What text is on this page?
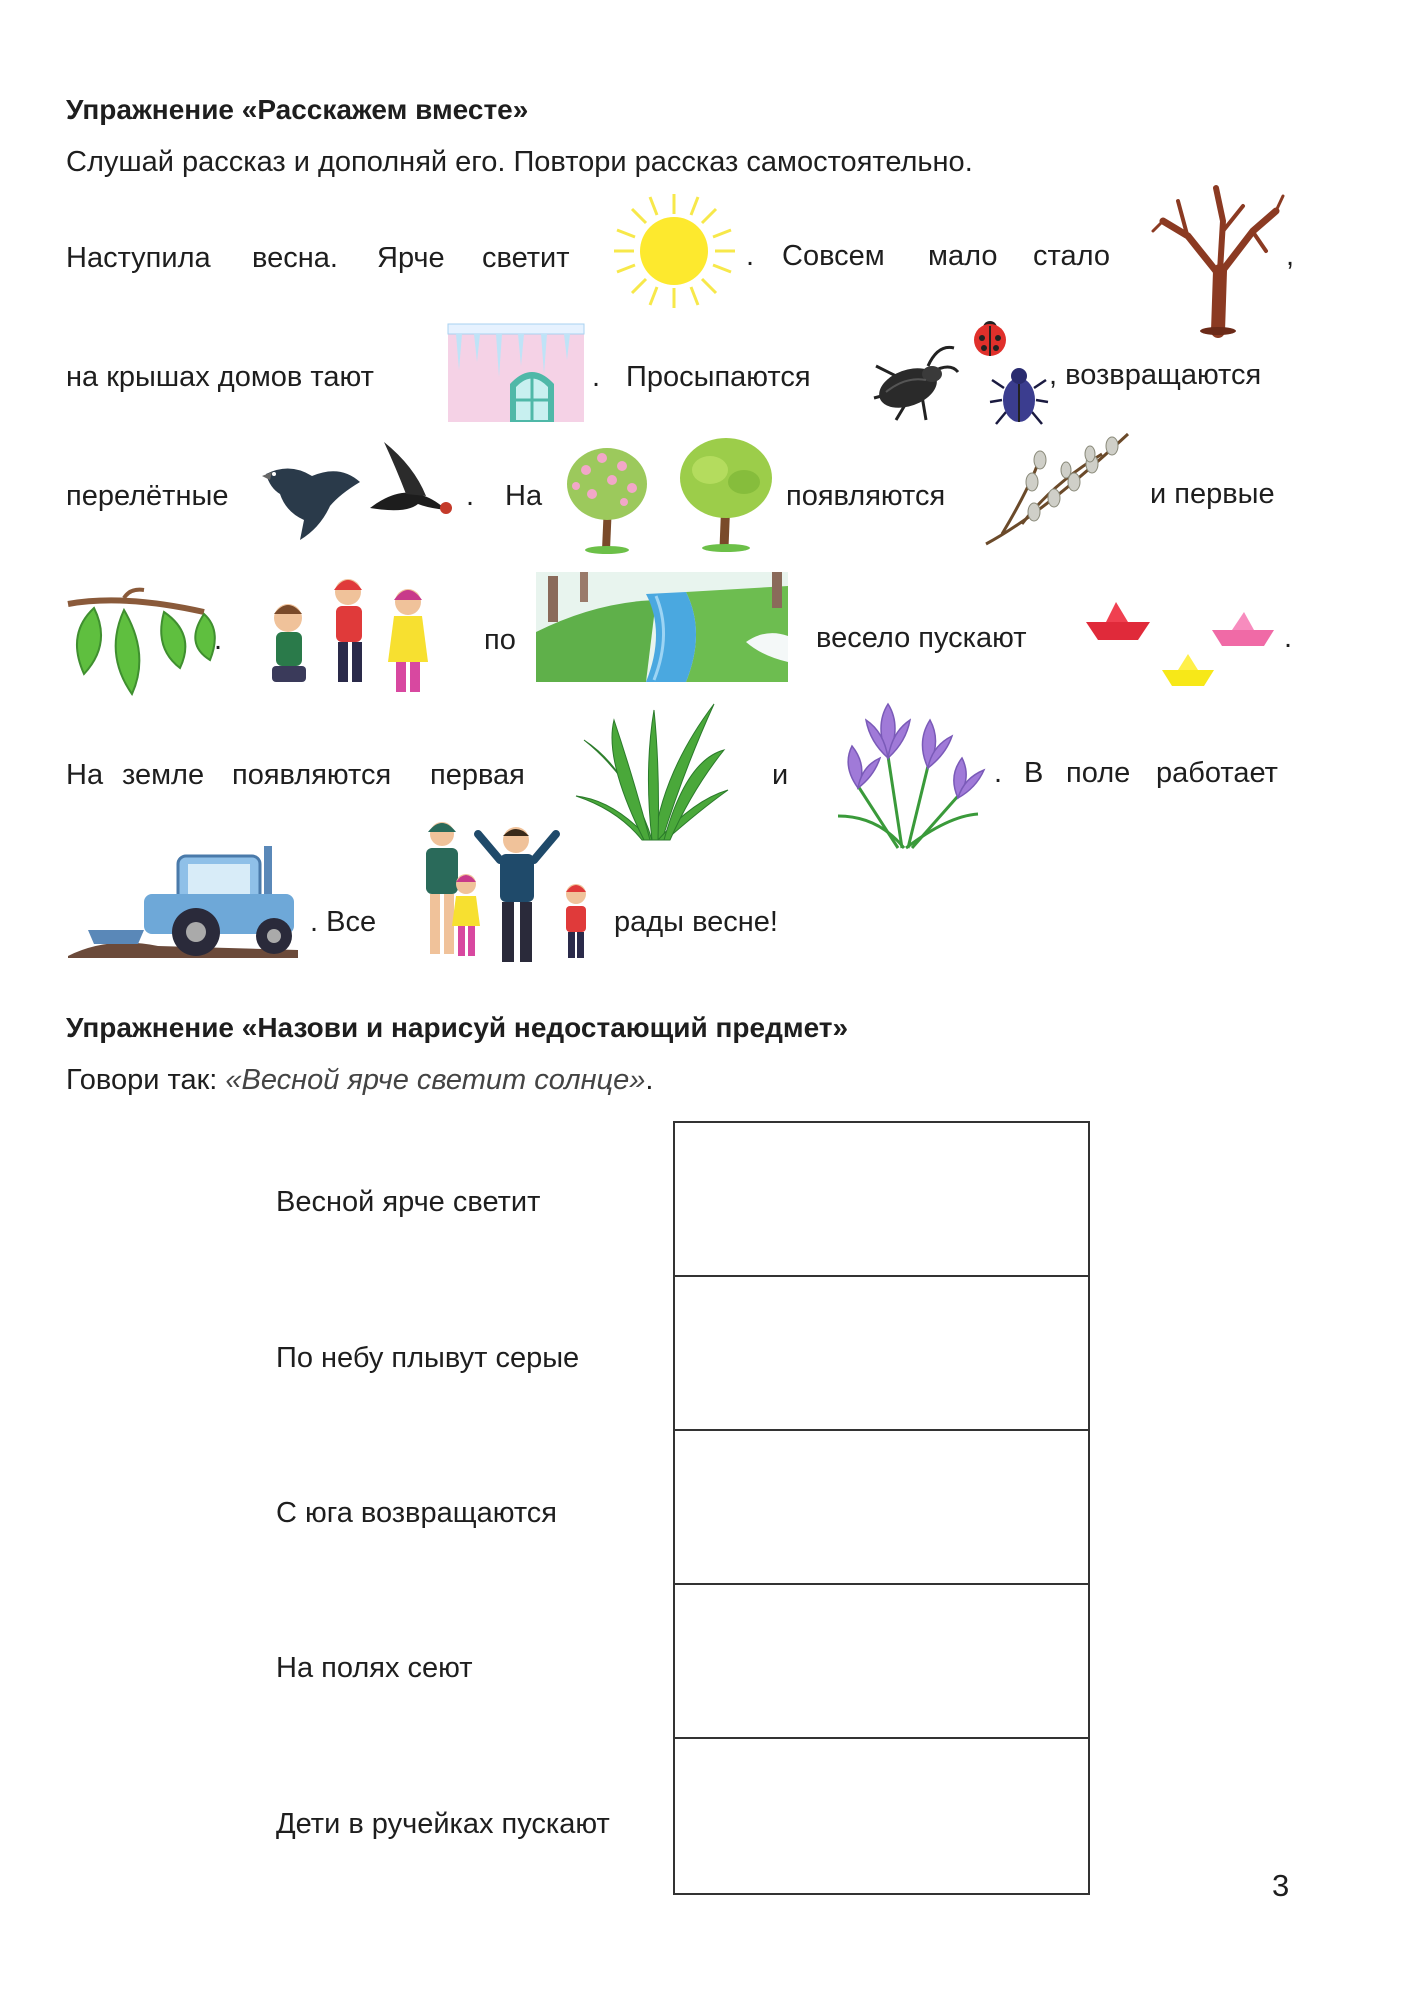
Упражнение «Расскажем вместе»
Слушай рассказ и дополняй его. Повтори рассказ самостоятельно.
Наступила весна. Ярче светит	. Совсем мало стало	,
на крышах домов тают	. Просыпаются	, возвращаются
перелётные	. На	появляются	и первые
.	по	весело пускают	.
На земле появляются первая	и	. В поле работает
. Все	рады весне!
Упражнение «Назови и нарисуй недостающий предмет»
Говори так: «Весной ярче светит солнце».
Весной ярче светит
По небу плывут серые
С юга возвращаются
На полях сеют
Дети в ручейках пускают
3
